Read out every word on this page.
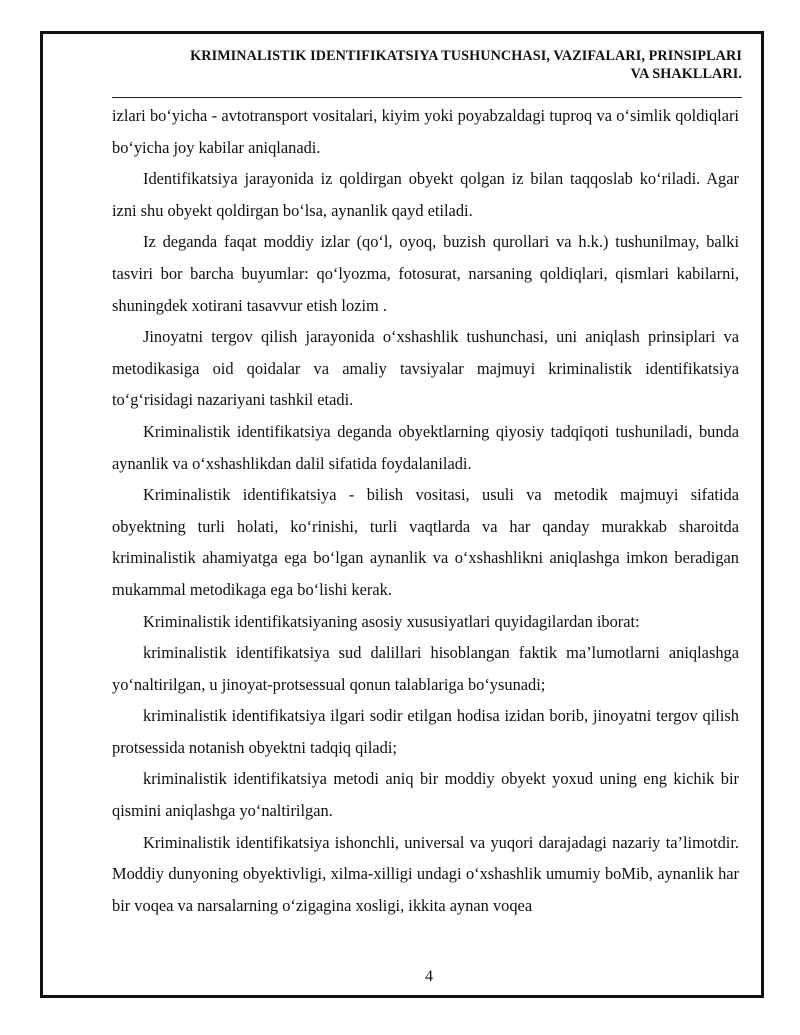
KRIMINALISTIK IDENTIFIKATSIYA TUSHUNCHASI, VAZIFALARI, PRINSIPLARI
VA SHAKLLARI.

izlari bo‘yicha - avtotransport vositalari, kiyim yoki poyabzaldagi tuproq va o‘simlik qoldiqlari bo‘yicha joy kabilar aniqlanadi.

Identifikatsiya jarayonida iz qoldirgan obyekt qolgan iz bilan taqqoslab ko‘riladi. Agar izni shu obyekt qoldirgan bo‘lsa, aynanlik qayd etiladi.

Iz deganda faqat moddiy izlar (qo‘l, oyoq, buzish qurollari va h.k.) tushunilmay, balki tasviri bor barcha buyumlar: qo‘lyozma, fotosurat, narsaning qoldiqlari, qismlari kabilarni, shuningdek xotirani tasavvur etish lozim .

Jinoyatni tergov qilish jarayonida o‘xshashlik tushunchasi, uni aniqlash prinsiplari va metodikasiga oid qoidalar va amaliy tavsiyalar majmuyi kriminalistik identifikatsiya to‘g‘risidagi nazariyani tashkil etadi.

Kriminalistik identifikatsiya deganda obyektlarning qiyosiy tadqiqoti tushuniladi, bunda aynanlik va o‘xshashlikdan dalil sifatida foydalaniladi.

Kriminalistik identifikatsiya - bilish vositasi, usuli va metodik majmuyi sifatida obyektning turli holati, ko‘rinishi, turli vaqtlarda va har qanday murakkab sharoitda kriminalistik ahamiyatga ega bo‘lgan aynanlik va o‘xshashlikni aniqlashga imkon beradigan mukammal metodikaga ega bo‘lishi kerak.

Kriminalistik identifikatsiyaning asosiy xususiyatlari quyidagilardan iborat:

kriminalistik identifikatsiya sud dalillari hisoblangan faktik ma’lumotlarni aniqlashga yo‘naltirilgan, u jinoyat-protsessual qonun talablariga bo‘ysunadi;

kriminalistik identifikatsiya ilgari sodir etilgan hodisa izidan borib, jinoyatni tergov qilish protsessida notanish obyektni tadqiq qiladi;

kriminalistik identifikatsiya metodi aniq bir moddiy obyekt yoxud uning eng kichik bir qismini aniqlashga yo‘naltirilgan.

Kriminalistik identifikatsiya ishonchli, universal va yuqori darajadagi nazariy ta’limotdir. Moddiy dunyoning obyektivligi, xilma-xilligi undagi o‘xshashlik umumiy boMib, aynanlik har bir voqea va narsalarning o‘zigagina xosligi, ikkita aynan voqea

4
